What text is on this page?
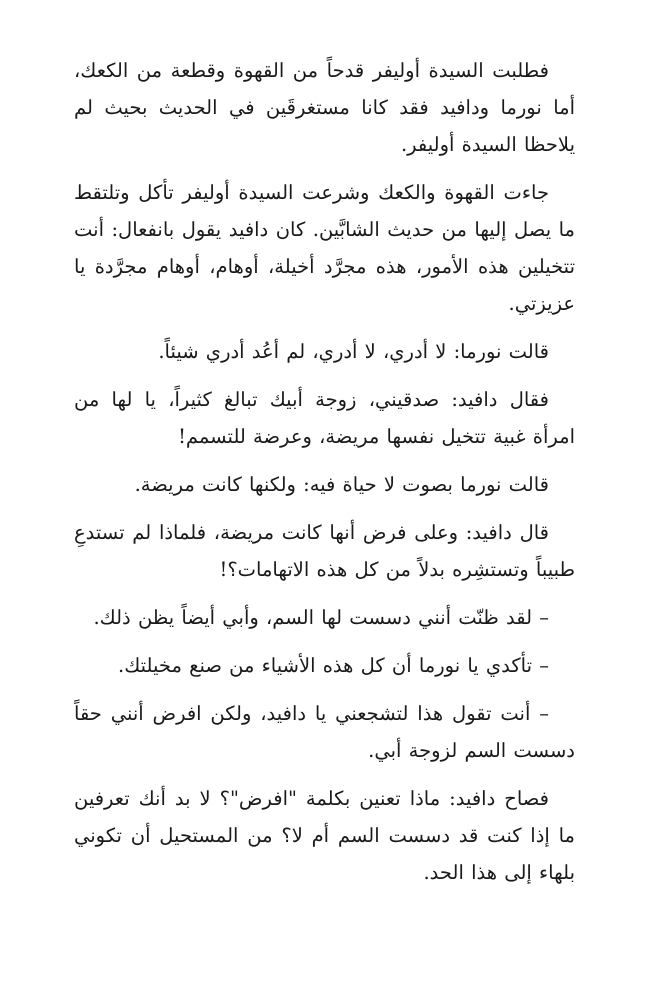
فطلبت السيدة أوليفر قدحاً من القهوة وقطعة من الكعك، أما نورما ودافيد فقد كانا مستغرقَين في الحديث بحيث لم يلاحظا السيدة أوليفر.

جاءت القهوة والكعك وشرعت السيدة أوليفر تأكل وتلتقط ما يصل إليها من حديث الشابَّين. كان دافيد يقول بانفعال: أنت تتخيلين هذه الأمور، هذه مجرَّد أخيلة، أوهام، أوهام مجرَّدة يا عزيزتي.

قالت نورما: لا أدري، لا أدري، لم أعُد أدري شيئاً.

فقال دافيد: صدقيني، زوجة أبيك تبالغ كثيراً، يا لها من امرأة غبية تتخيل نفسها مريضة، وعرضة للتسمم!

قالت نورما بصوت لا حياة فيه: ولكنها كانت مريضة.

قال دافيد: وعلى فرض أنها كانت مريضة، فلماذا لم تستدعِ طبيباً وتستشِره بدلاً من كل هذه الاتهامات؟!

– لقد ظنّت أنني دسست لها السم، وأبي أيضاً يظن ذلك.

– تأكدي يا نورما أن كل هذه الأشياء من صنع مخيلتك.

– أنت تقول هذا لتشجعني يا دافيد، ولكن افرض أنني حقاً دسست السم لزوجة أبي.

فصاح دافيد: ماذا تعنين بكلمة "افرض"؟ لا بد أنك تعرفين ما إذا كنت قد دسست السم أم لا؟ من المستحيل أن تكوني بلهاء إلى هذا الحد.
